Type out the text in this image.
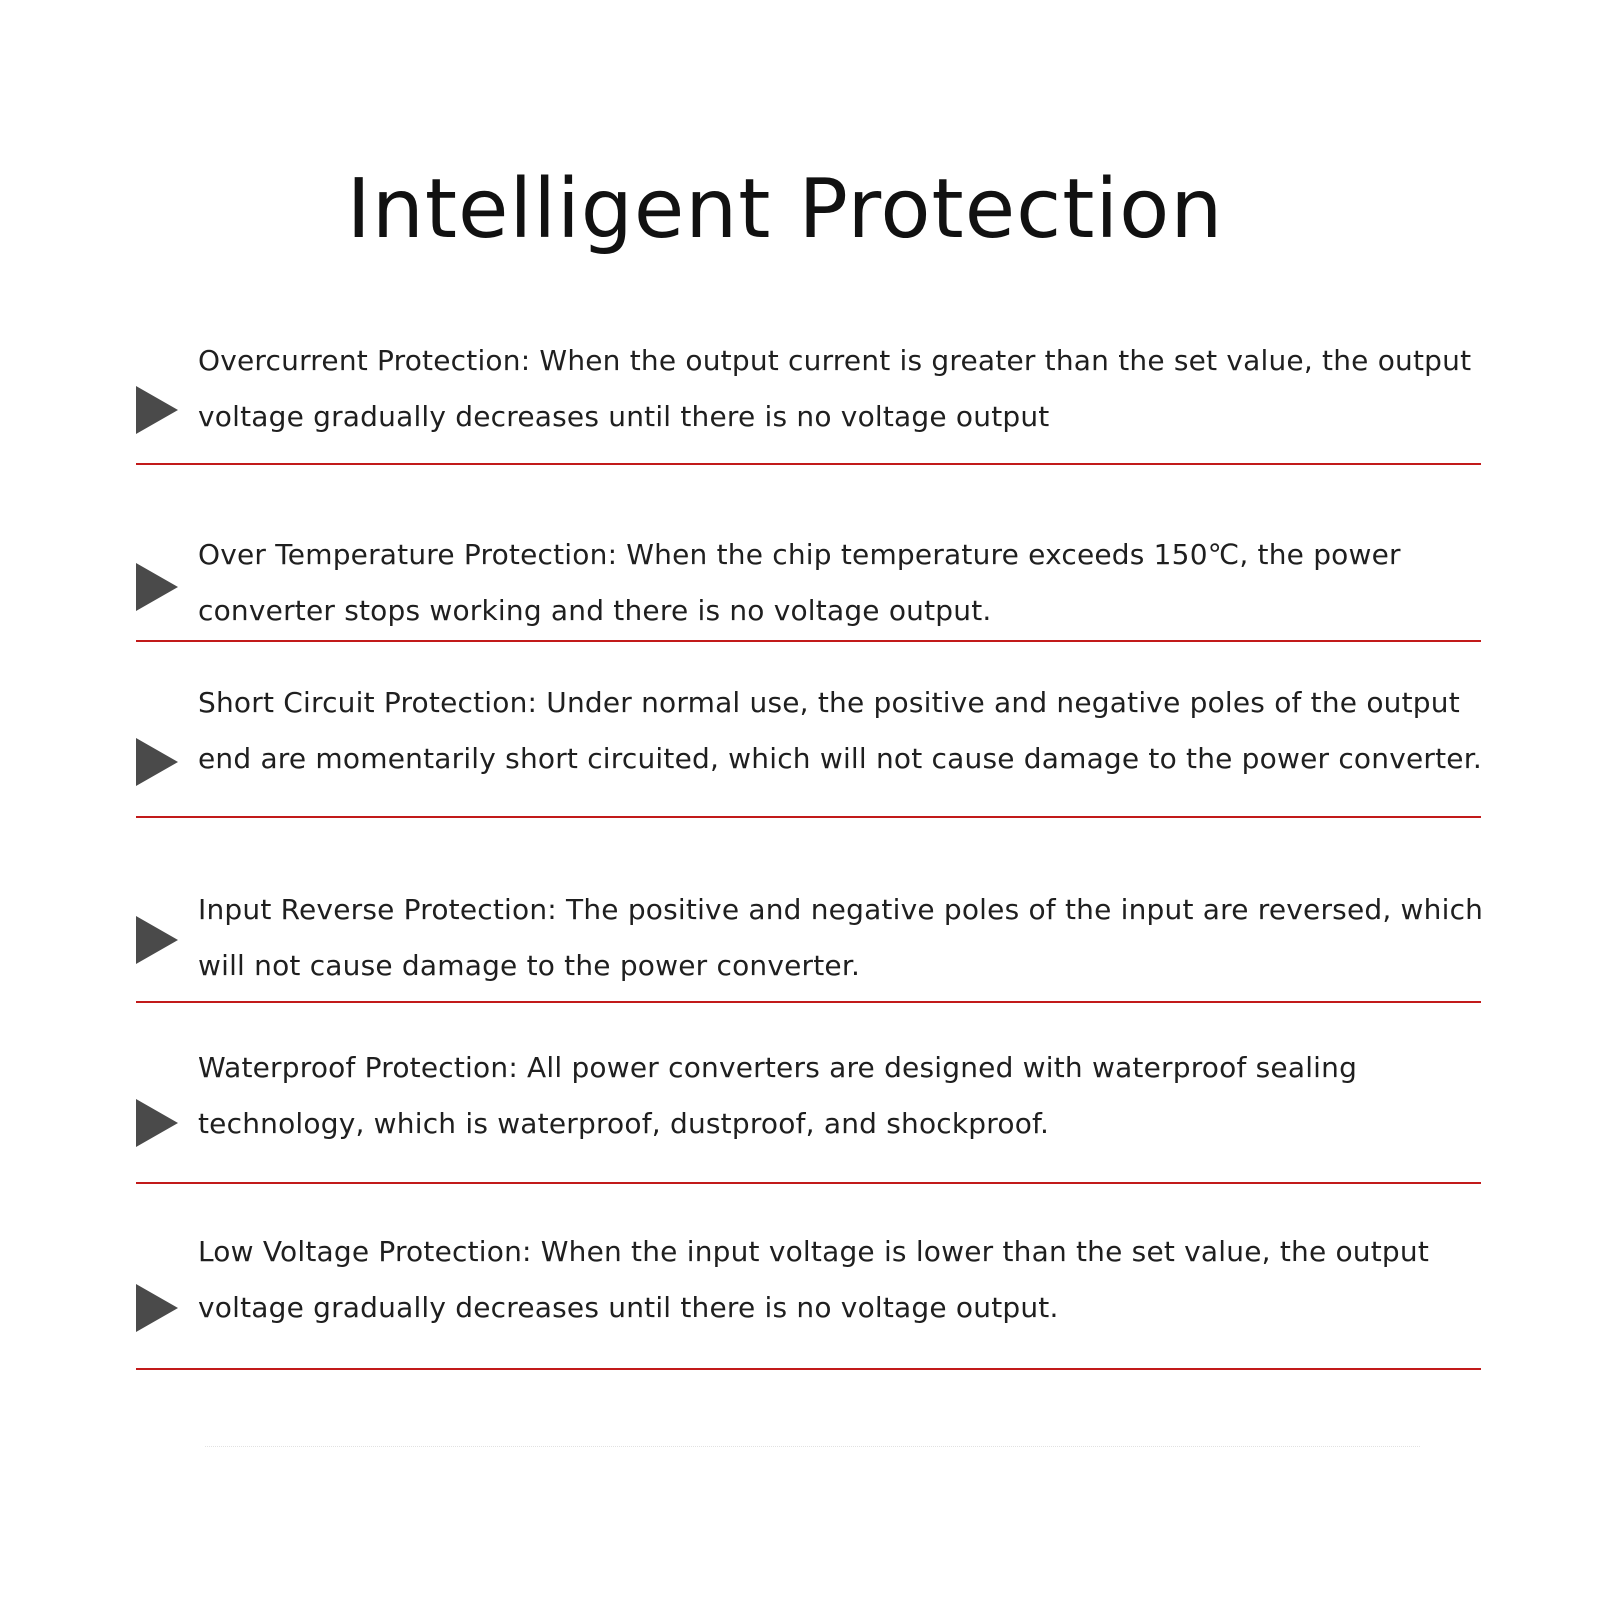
Intelligent Protection

Overcurrent Protection: When the output current is greater than the set value, the output voltage gradually decreases until there is no voltage output

Over Temperature Protection: When the chip temperature exceeds 150℃, the power converter stops working and there is no voltage output.

Short Circuit Protection: Under normal use, the positive and negative poles of the output end are momentarily short circuited, which will not cause damage to the power converter.

Input Reverse Protection: The positive and negative poles of the input are reversed, which will not cause damage to the power converter.

Waterproof Protection: All power converters are designed with waterproof sealing technology, which is waterproof, dustproof, and shockproof.

Low Voltage Protection: When the input voltage is lower than the set value, the output voltage gradually decreases until there is no voltage output.
